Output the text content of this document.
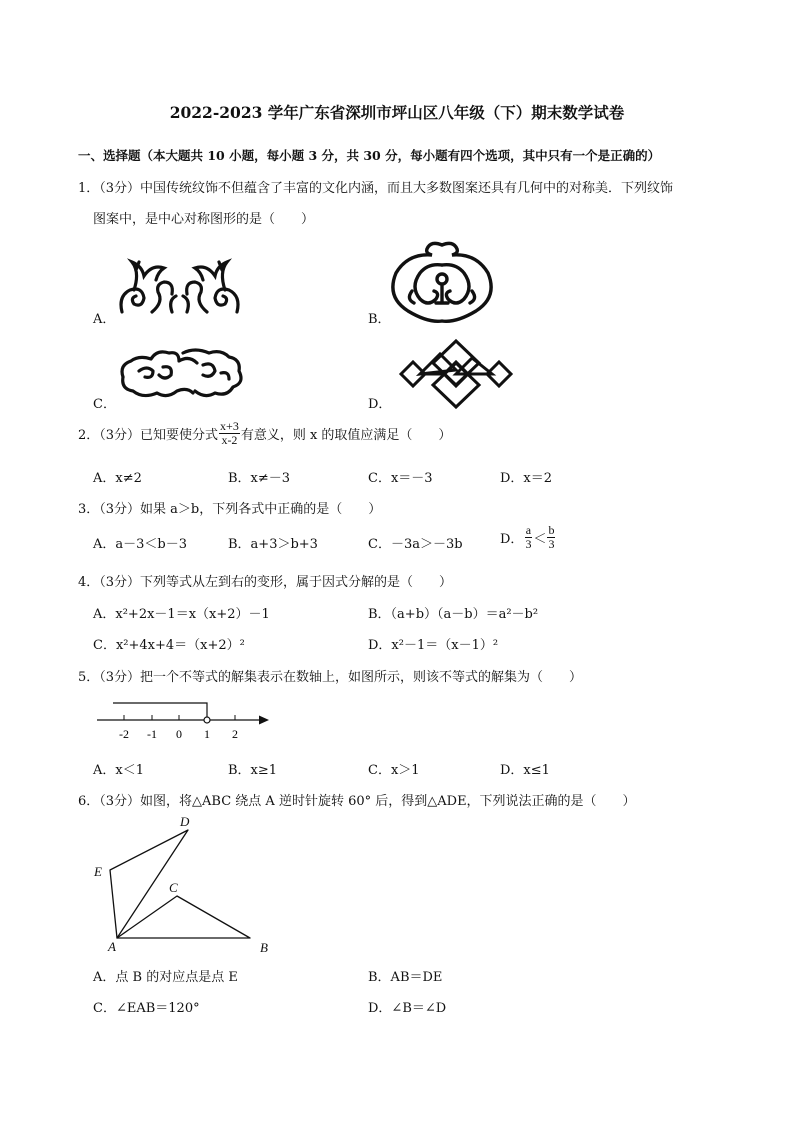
2022-2023 学年广东省深圳市坪山区八年级（下）期末数学试卷
一、选择题（本大题共 10 小题，每小题 3 分，共 30 分，每小题有四个选项，其中只有一个是正确的）
1．（3分）中国传统纹饰不但蕴含了丰富的文化内涵，而且大多数图案还具有几何中的对称美．下列纹饰
图案中，是中心对称图形的是（　　）
A．	B．
C．	D．
2．（3分）已知要使分式 $\frac{x+3}{x-2}$ 有意义，则 x 的取值应满足（　　）
A．x≠2	B．x≠－3	C．x＝－3	D．x＝2
3．（3分）如果 a＞b，下列各式中正确的是（　　）
A．a－3＜b－3	B．a+3＞b+3	C．－3a＞－3b	D． $\frac{a}{3} < \frac{b}{3}$
4．（3分）下列等式从左到右的变形，属于因式分解的是（　　）
A．x²+2x－1＝x（x+2）－1	B．（a+b）（a－b）＝a²－b²
C．x²+4x+4＝（x+2）²	D．x²－1＝（x－1）²
5．（3分）把一个不等式的解集表示在数轴上，如图所示，则该不等式的解集为（　　）
-2 -1 0 1 2
A．x＜1	B．x≥1	C．x＞1	D．x≤1
6．（3分）如图，将△ABC 绕点 A 逆时针旋转 60° 后，得到△ADE，下列说法正确的是（　　）
A	B
C
D
E
A．点 B 的对应点是点 E	B．AB＝DE
C．∠EAB＝120°	D．∠B＝∠D
